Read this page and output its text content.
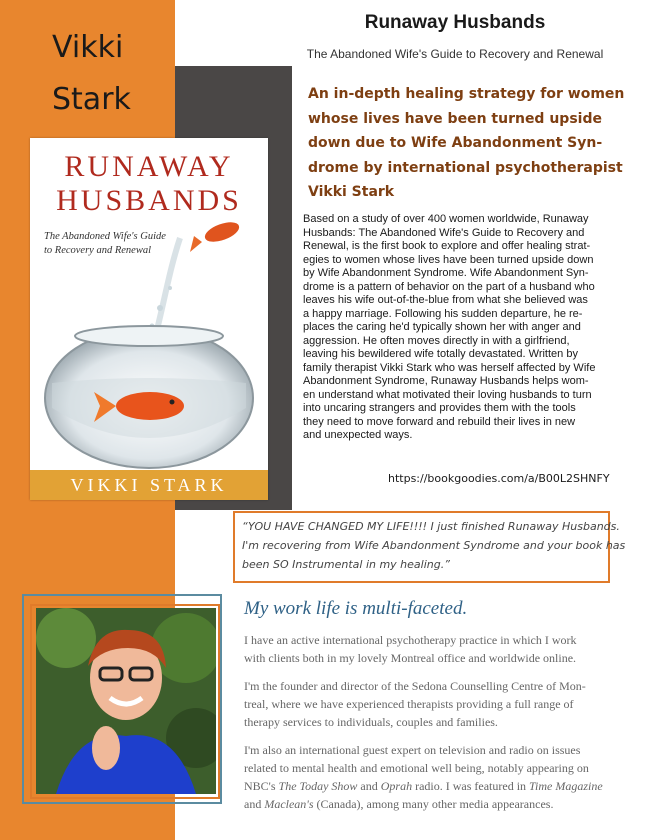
Vikki
Stark
RUNAWAY
HUSBANDS
The Abandoned Wife's Guide
to Recovery and Renewal
VIKKI STARK
Runaway Husbands
The Abandoned Wife's Guide to Recovery and Renewal
An in-depth healing strategy for women
whose lives have been turned upside
down due to Wife Abandonment Syn-
drome by international psychotherapist
Vikki Stark
Based on a study of over 400 women worldwide, Runaway
Husbands: The Abandoned Wife's Guide to Recovery and
Renewal, is the first book to explore and offer healing strat-
egies to women whose lives have been turned upside down
by Wife Abandonment Syndrome. Wife Abandonment Syn-
drome is a pattern of behavior on the part of a husband who
leaves his wife out-of-the-blue from what she believed was
a happy marriage. Following his sudden departure, he re-
places the caring he'd typically shown her with anger and
aggression. He often moves directly in with a girlfriend,
leaving his bewildered wife totally devastated. Written by
family therapist Vikki Stark who was herself affected by Wife
Abandonment Syndrome, Runaway Husbands helps wom-
en understand what motivated their loving husbands to turn
into uncaring strangers and provides them with the tools
they need to move forward and rebuild their lives in new
and unexpected ways.
https://bookgoodies.com/a/B00L2SHNFY
“YOU HAVE CHANGED MY LIFE!!!! I just finished Runaway Husbands.
I'm recovering from Wife Abandonment Syndrome and your book has
been SO Instrumental in my healing.”
My work life is multi-faceted.

I have an active international psychotherapy practice in which I work
with clients both in my lovely Montreal office and worldwide online.

I'm the founder and director of the Sedona Counselling Centre of Mon-
treal, where we have experienced therapists providing a full range of
therapy services to individuals, couples and families.

I'm also an international guest expert on television and radio on issues
related to mental health and emotional well being, notably appearing on
NBC's The Today Show and Oprah radio. I was featured in Time Magazine
and Maclean's (Canada), among many other media appearances.
